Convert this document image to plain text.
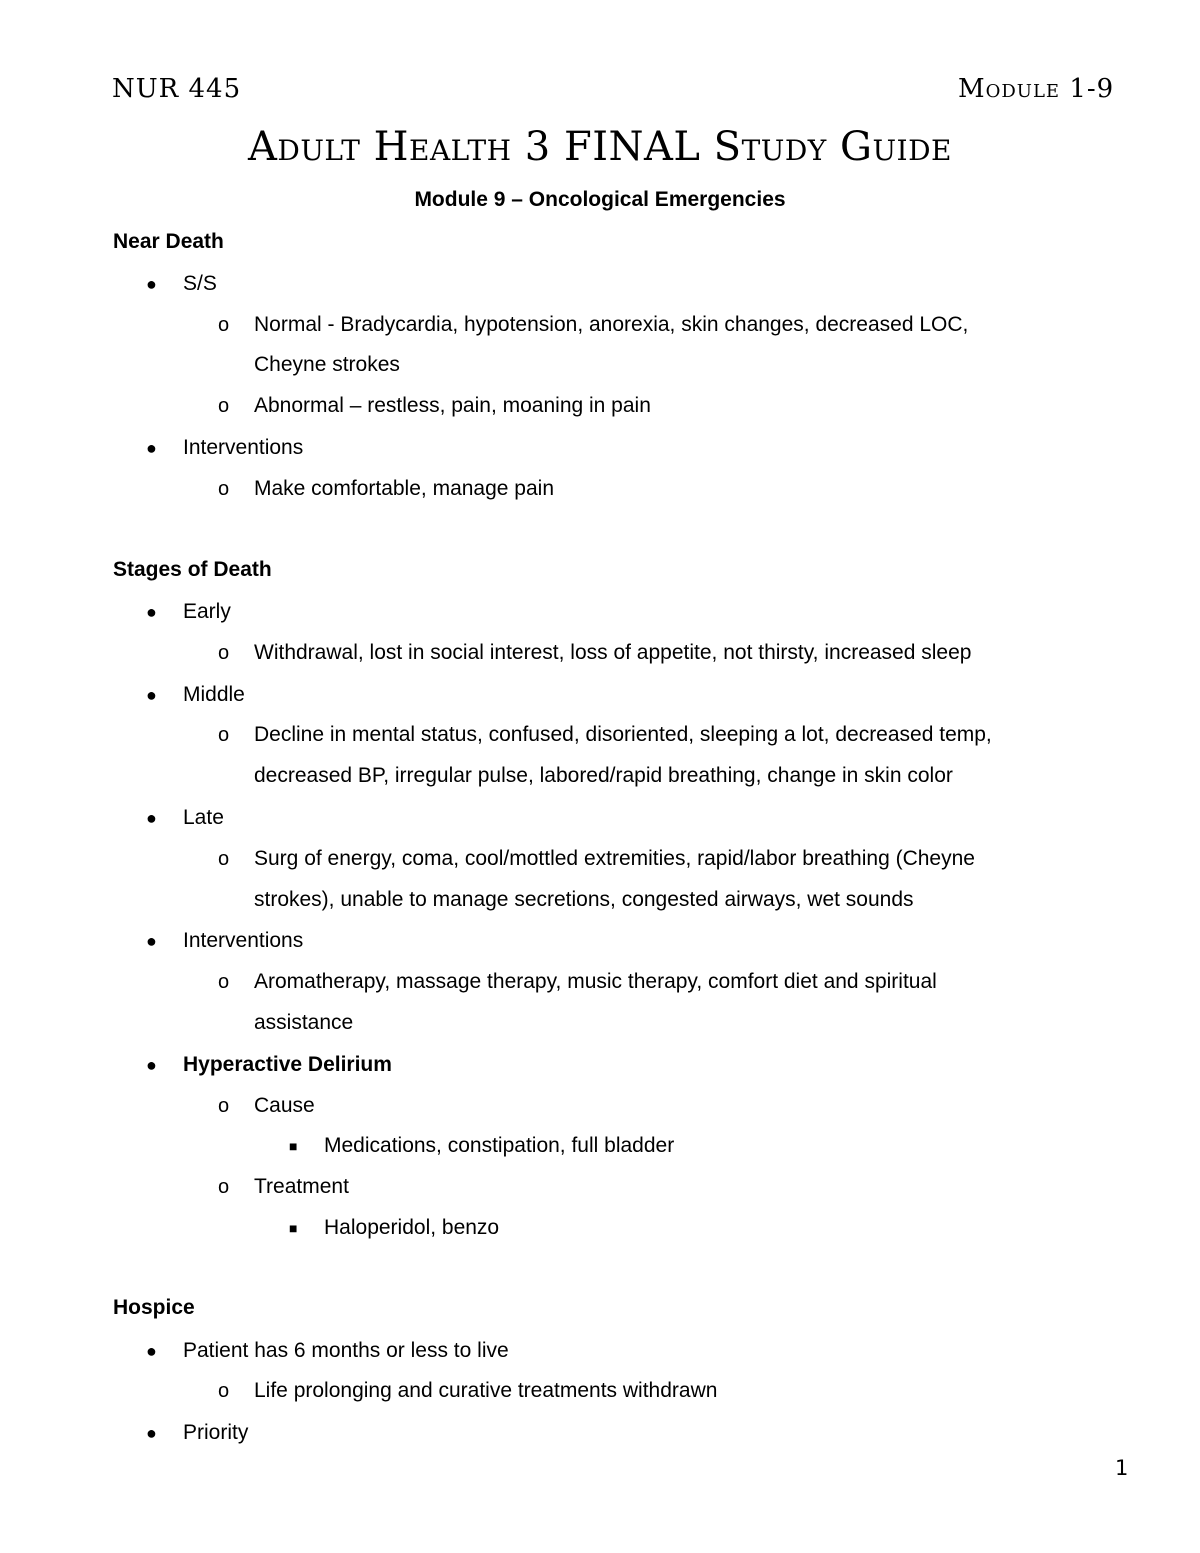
NUR 445	Module 1-9
Adult Health 3 FINAL Study Guide
Module 9 – Oncological Emergencies
Near Death
● S/S
o Normal - Bradycardia, hypotension, anorexia, skin changes, decreased LOC,
Cheyne strokes
o Abnormal – restless, pain, moaning in pain
● Interventions
o Make comfortable, manage pain
Stages of Death
● Early
o Withdrawal, lost in social interest, loss of appetite, not thirsty, increased sleep
● Middle
o Decline in mental status, confused, disoriented, sleeping a lot, decreased temp,
decreased BP, irregular pulse, labored/rapid breathing, change in skin color
● Late
o Surg of energy, coma, cool/mottled extremities, rapid/labor breathing (Cheyne
strokes), unable to manage secretions, congested airways, wet sounds
● Interventions
o Aromatherapy, massage therapy, music therapy, comfort diet and spiritual
assistance
● Hyperactive Delirium
o Cause
■ Medications, constipation, full bladder
o Treatment
■ Haloperidol, benzo
Hospice
● Patient has 6 months or less to live
o Life prolonging and curative treatments withdrawn
● Priority
1
